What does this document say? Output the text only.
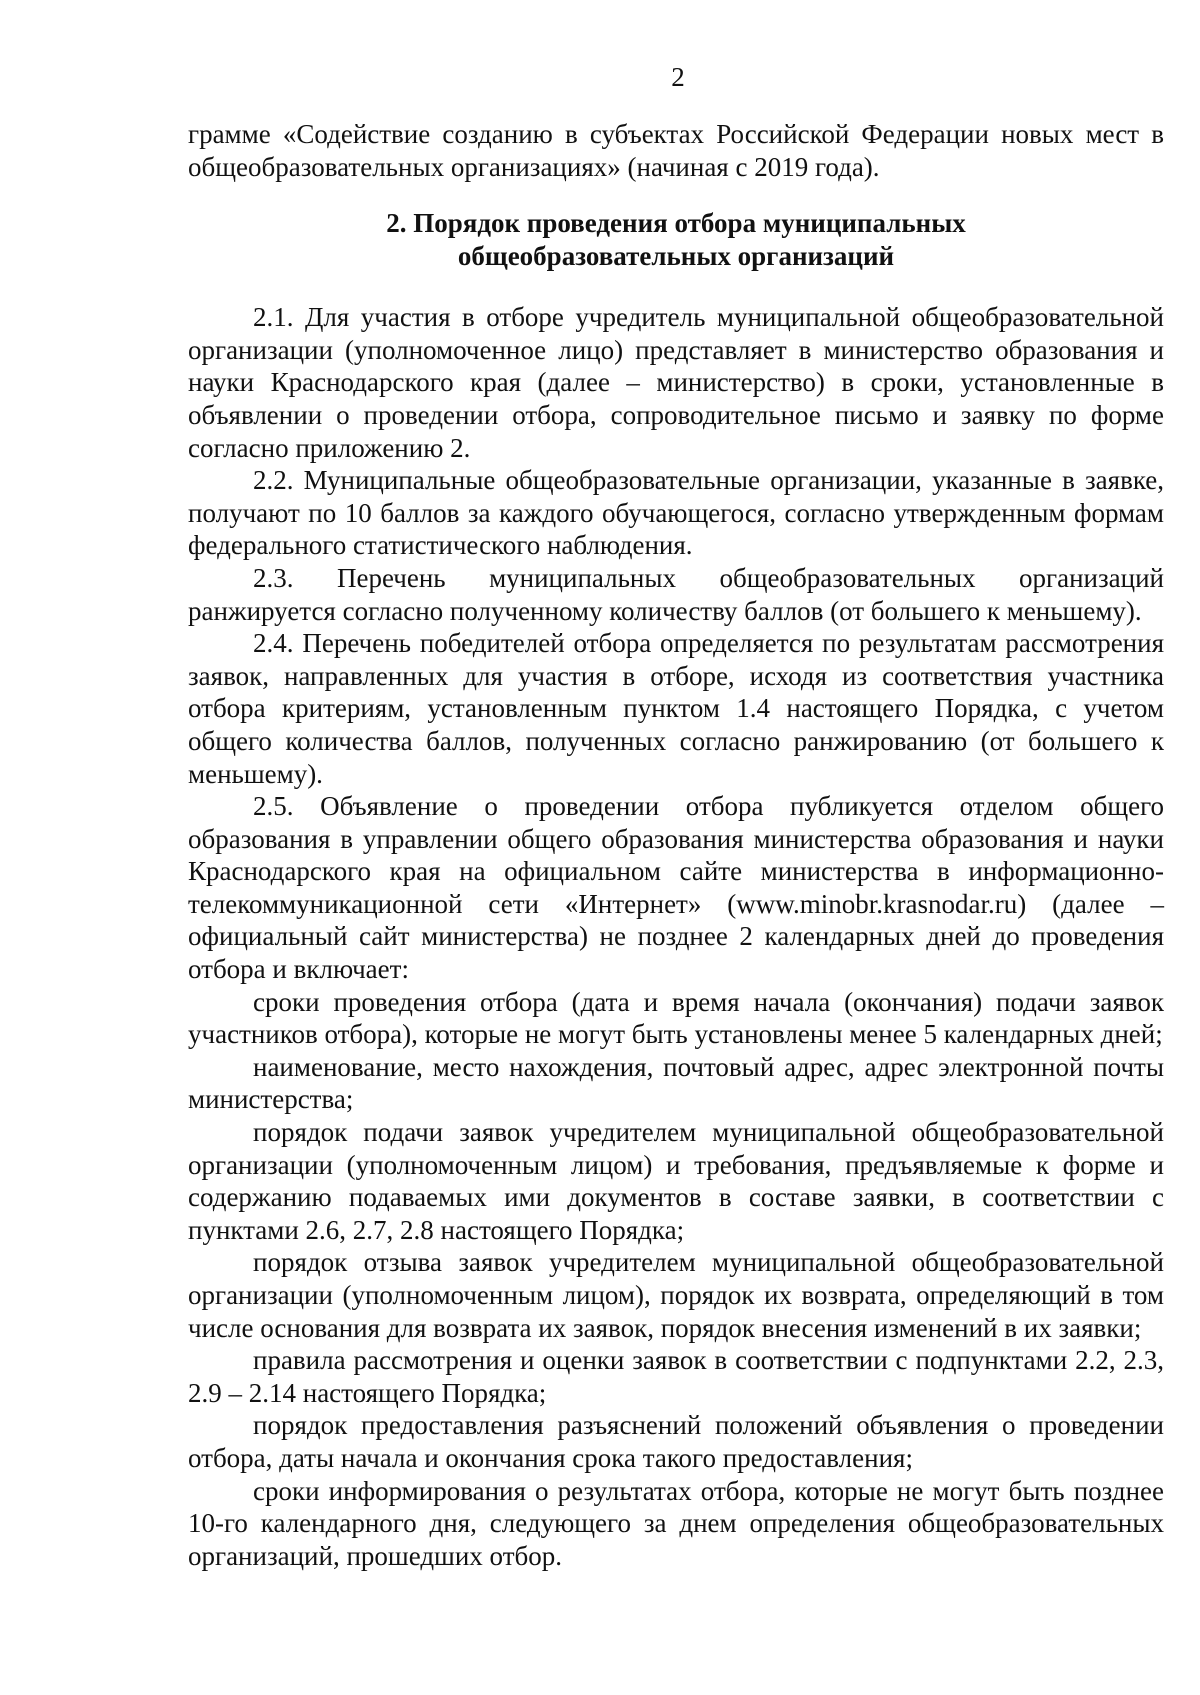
2

грамме «Содействие созданию в субъектах Российской Федерации новых мест в общеобразовательных организациях» (начиная с 2019 года).

2. Порядок проведения отбора муниципальных
общеобразовательных организаций

2.1. Для участия в отборе учредитель муниципальной общеобразовательной организации (уполномоченное лицо) представляет в министерство образования и науки Краснодарского края (далее – министерство) в сроки, установленные в объявлении о проведении отбора, сопроводительное письмо и заявку по форме согласно приложению 2.

2.2. Муниципальные общеобразовательные организации, указанные в заявке, получают по 10 баллов за каждого обучающегося, согласно утвержденным формам федерального статистического наблюдения.

2.3. Перечень муниципальных общеобразовательных организаций ранжируется согласно полученному количеству баллов (от большего к меньшему).

2.4. Перечень победителей отбора определяется по результатам рассмотрения заявок, направленных для участия в отборе, исходя из соответствия участника отбора критериям, установленным пунктом 1.4 настоящего Порядка, с учетом общего количества баллов, полученных согласно ранжированию (от большего к меньшему).

2.5. Объявление о проведении отбора публикуется отделом общего образования в управлении общего образования министерства образования и науки Краснодарского края на официальном сайте министерства в информационно-телекоммуникационной сети «Интернет» (www.minobr.krasnodar.ru) (далее – официальный сайт министерства) не позднее 2 календарных дней до проведения отбора и включает:

сроки проведения отбора (дата и время начала (окончания) подачи заявок участников отбора), которые не могут быть установлены менее 5 календарных дней;

наименование, место нахождения, почтовый адрес, адрес электронной почты министерства;

порядок подачи заявок учредителем муниципальной общеобразовательной организации (уполномоченным лицом) и требования, предъявляемые к форме и содержанию подаваемых ими документов в составе заявки, в соответствии с пунктами 2.6, 2.7, 2.8 настоящего Порядка;

порядок отзыва заявок учредителем муниципальной общеобразовательной организации (уполномоченным лицом), порядок их возврата, определяющий в том числе основания для возврата их заявок, порядок внесения изменений в их заявки;

правила рассмотрения и оценки заявок в соответствии с подпунктами 2.2, 2.3, 2.9 – 2.14 настоящего Порядка;

порядок предоставления разъяснений положений объявления о проведении отбора, даты начала и окончания срока такого предоставления;

сроки информирования о результатах отбора, которые не могут быть позднее 10-го календарного дня, следующего за днем определения общеобразовательных организаций, прошедших отбор.
